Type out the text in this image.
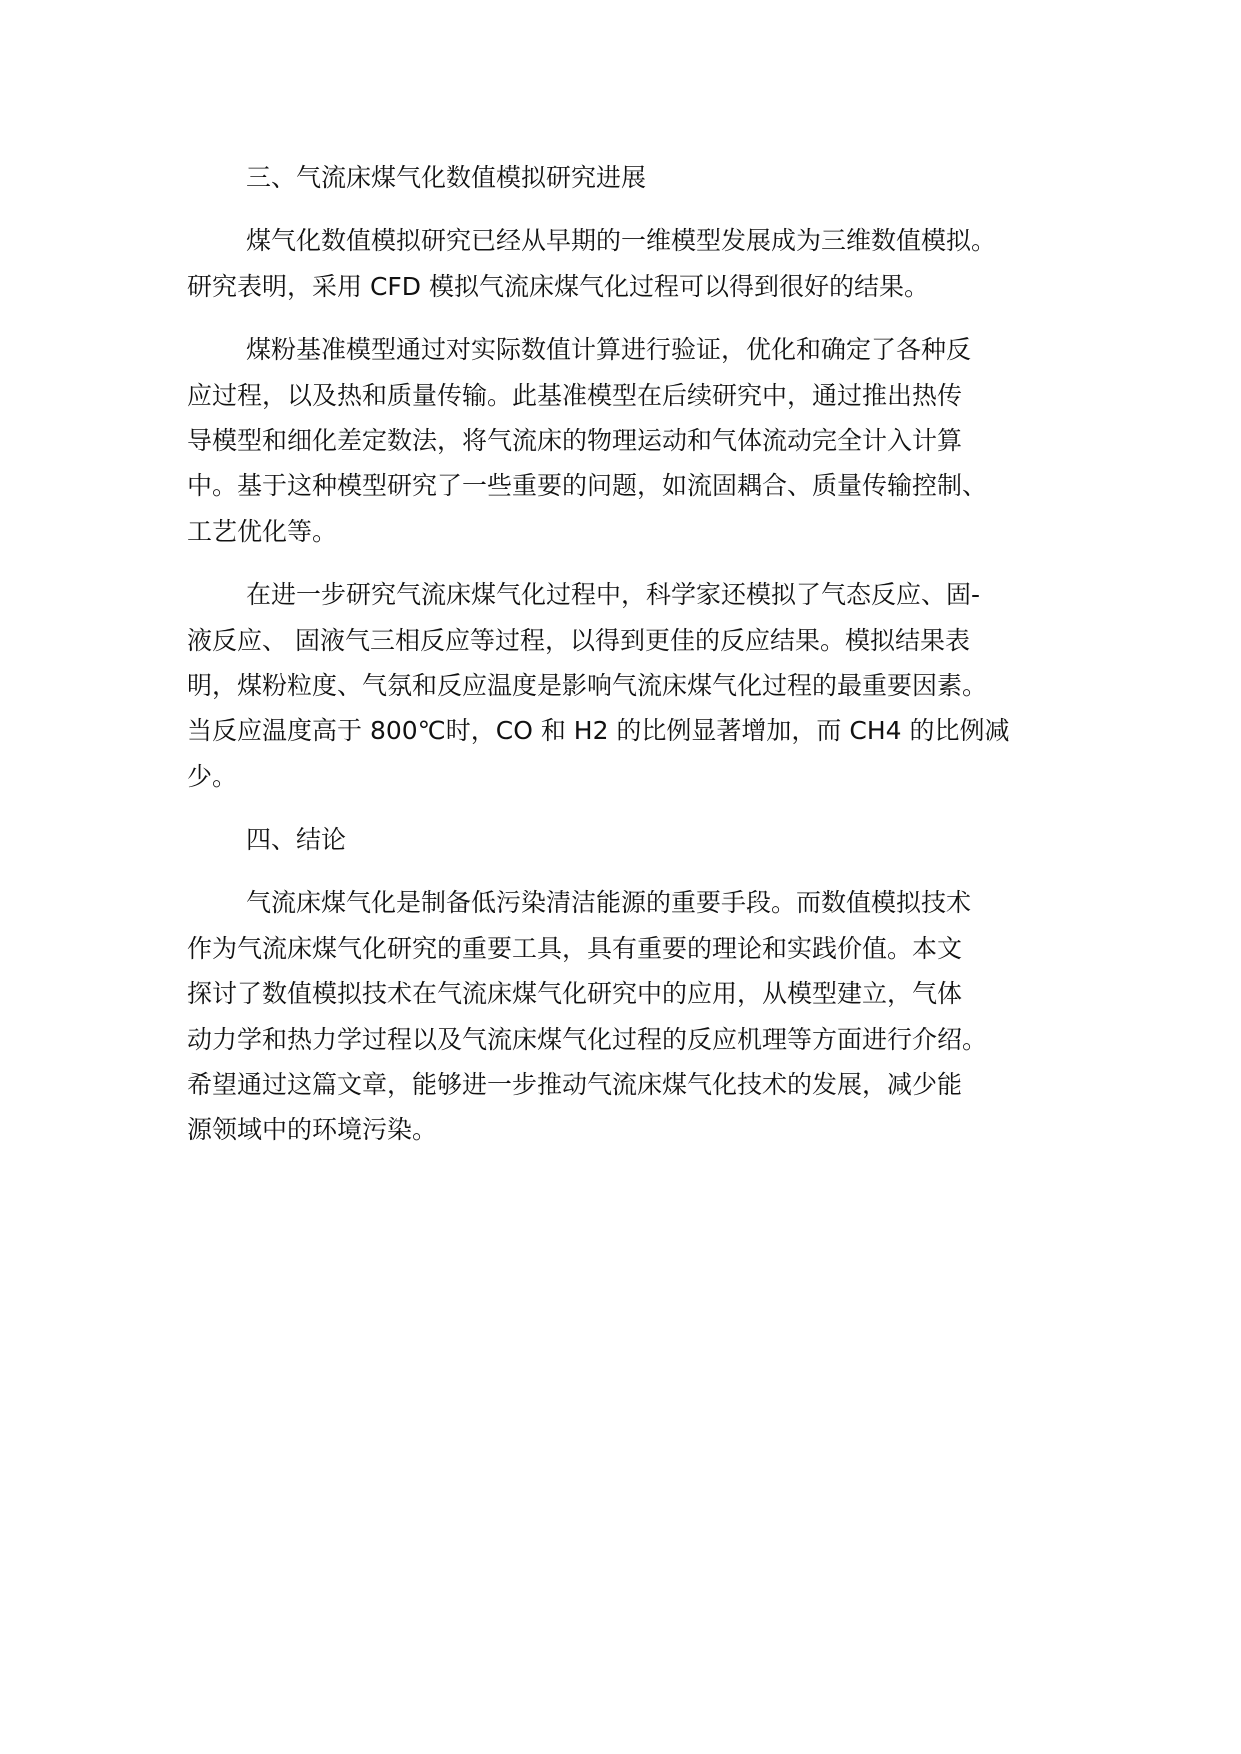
三、气流床煤气化数值模拟研究进展
煤气化数值模拟研究已经从早期的一维模型发展成为三维数值模拟。
研究表明，采用 CFD 模拟气流床煤气化过程可以得到很好的结果。
煤粉基准模型通过对实际数值计算进行验证，优化和确定了各种反
应过程，以及热和质量传输。此基准模型在后续研究中，通过推出热传
导模型和细化差定数法，将气流床的物理运动和气体流动完全计入计算
中。基于这种模型研究了一些重要的问题，如流固耦合、质量传输控制、
工艺优化等。
在进一步研究气流床煤气化过程中，科学家还模拟了气态反应、固-
液反应、 固液气三相反应等过程，以得到更佳的反应结果。模拟结果表
明，煤粉粒度、气氛和反应温度是影响气流床煤气化过程的最重要因素。
当反应温度高于 800℃时，CO 和 H2 的比例显著增加，而 CH4 的比例减
少。
四、结论
气流床煤气化是制备低污染清洁能源的重要手段。而数值模拟技术
作为气流床煤气化研究的重要工具，具有重要的理论和实践价值。本文
探讨了数值模拟技术在气流床煤气化研究中的应用，从模型建立，气体
动力学和热力学过程以及气流床煤气化过程的反应机理等方面进行介绍。
希望通过这篇文章，能够进一步推动气流床煤气化技术的发展，减少能
源领域中的环境污染。
